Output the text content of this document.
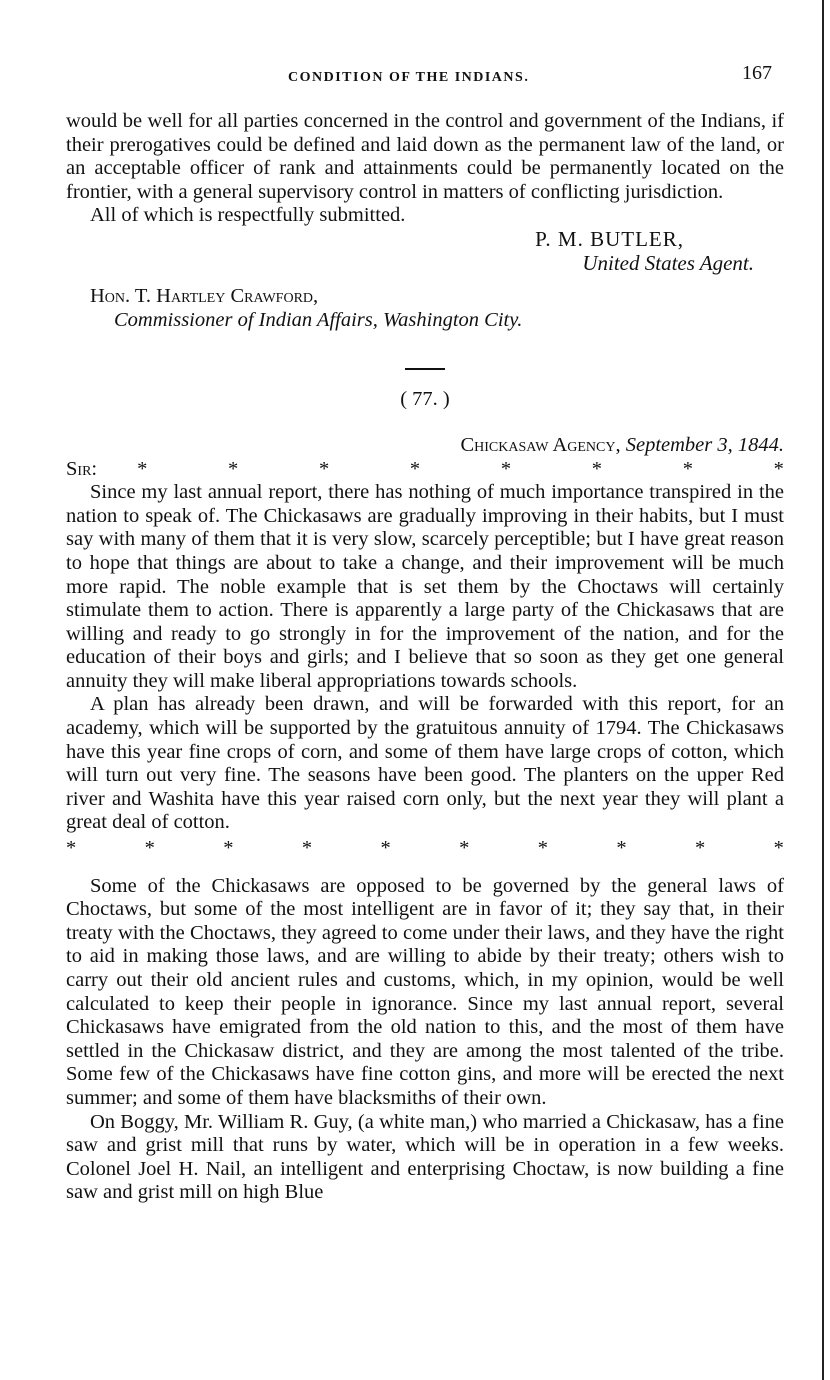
CONDITION OF THE INDIANS.	167

would be well for all parties concerned in the control and government of the Indians, if their prerogatives could be defined and laid down as the permanent law of the land, or an acceptable officer of rank and attainments could be permanently located on the frontier, with a general supervisory control in matters of conflicting jurisdiction.

All of which is respectfully submitted.

P. M. BUTLER,
United States Agent.
Hon. T. Hartley Crawford,
Commissioner of Indian Affairs, Washington City.
( 77. )
Chickasaw Agency, September 3, 1844.
Sir: *	*	*	*	*	*	*	*

Since my last annual report, there has nothing of much importance transpired in the nation to speak of. The Chickasaws are gradually improving in their habits, but I must say with many of them that it is very slow, scarcely perceptible; but I have great reason to hope that things are about to take a change, and their improvement will be much more rapid. The noble example that is set them by the Choctaws will certainly stimulate them to action. There is apparently a large party of the Chickasaws that are willing and ready to go strongly in for the improvement of the nation, and for the education of their boys and girls; and I believe that so soon as they get one general annuity they will make liberal appropriations towards schools.

A plan has already been drawn, and will be forwarded with this report, for an academy, which will be supported by the gratuitous annuity of 1794. The Chickasaws have this year fine crops of corn, and some of them have large crops of cotton, which will turn out very fine. The seasons have been good. The planters on the upper Red river and Washita have this year raised corn only, but the next year they will plant a great deal of cotton.

*	*	*	*	*	*	*	*	*	*

Some of the Chickasaws are opposed to be governed by the general laws of Choctaws, but some of the most intelligent are in favor of it; they say that, in their treaty with the Choctaws, they agreed to come under their laws, and they have the right to aid in making those laws, and are willing to abide by their treaty; others wish to carry out their old ancient rules and customs, which, in my opinion, would be well calculated to keep their people in ignorance. Since my last annual report, several Chickasaws have emigrated from the old nation to this, and the most of them have settled in the Chickasaw district, and they are among the most talented of the tribe. Some few of the Chickasaws have fine cotton gins, and more will be erected the next summer; and some of them have blacksmiths of their own.

On Boggy, Mr. William R. Guy, (a white man,) who married a Chickasaw, has a fine saw and grist mill that runs by water, which will be in operation in a few weeks. Colonel Joel H. Nail, an intelligent and enterprising Choctaw, is now building a fine saw and grist mill on high Blue
